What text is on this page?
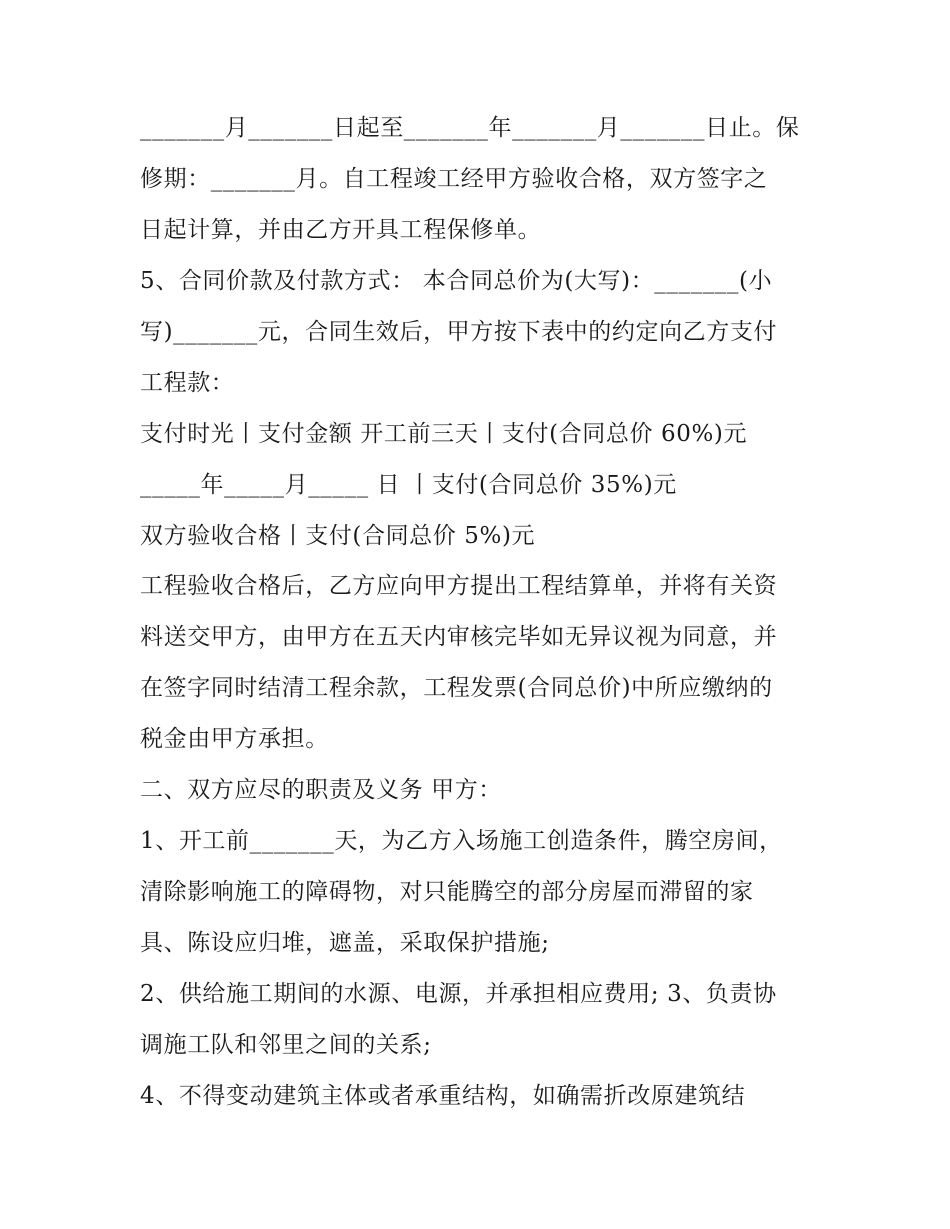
_______月_______日起至_______年_______月_______日止。保
修期：_______月。自工程竣工经甲方验收合格，双方签字之
日起计算，并由乙方开具工程保修单。
5、合同价款及付款方式： 本合同总价为(大写)：_______(小
写)_______元，合同生效后，甲方按下表中的约定向乙方支付
工程款：
支付时光丨支付金额 开工前三天丨支付(合同总价 60%)元
_____年_____月_____ 日 丨支付(合同总价 35%)元
双方验收合格丨支付(合同总价 5%)元
工程验收合格后，乙方应向甲方提出工程结算单，并将有关资
料送交甲方，由甲方在五天内审核完毕如无异议视为同意，并
在签字同时结清工程余款，工程发票(合同总价)中所应缴纳的
税金由甲方承担。
二、双方应尽的职责及义务 甲方：
1、开工前_______天，为乙方入场施工创造条件，腾空房间，
清除影响施工的障碍物，对只能腾空的部分房屋而滞留的家
具、陈设应归堆，遮盖，采取保护措施;
2、供给施工期间的水源、电源，并承担相应费用; 3、负责协
调施工队和邻里之间的关系;
4、不得变动建筑主体或者承重结构，如确需折改原建筑结
